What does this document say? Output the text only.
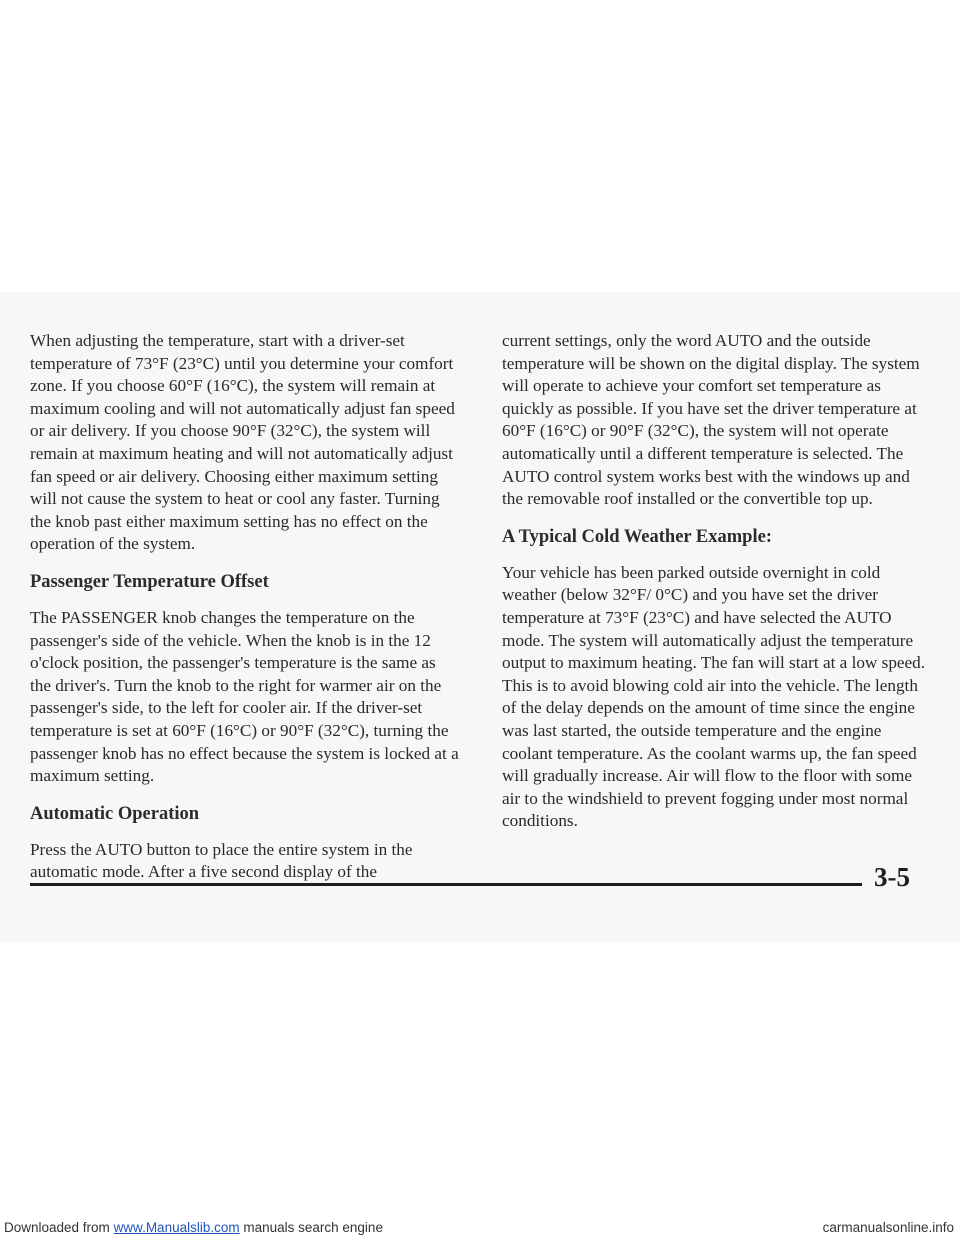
When adjusting the temperature, start with a driver-set temperature of 73°F (23°C) until you determine your comfort zone. If you choose 60°F (16°C), the system will remain at maximum cooling and will not automatically adjust fan speed or air delivery. If you choose 90°F (32°C), the system will remain at maximum heating and will not automatically adjust fan speed or air delivery. Choosing either maximum setting will not cause the system to heat or cool any faster. Turning the knob past either maximum setting has no effect on the operation of the system.

Passenger Temperature Offset

The PASSENGER knob changes the temperature on the passenger's side of the vehicle. When the knob is in the 12 o'clock position, the passenger's temperature is the same as the driver's. Turn the knob to the right for warmer air on the passenger's side, to the left for cooler air. If the driver-set temperature is set at 60°F (16°C) or 90°F (32°C), turning the passenger knob has no effect because the system is locked at a maximum setting.

Automatic Operation

Press the AUTO button to place the entire system in the automatic mode. After a five second display of the

current settings, only the word AUTO and the outside temperature will be shown on the digital display. The system will operate to achieve your comfort set temperature as quickly as possible. If you have set the driver temperature at 60°F (16°C) or 90°F (32°C), the system will not operate automatically until a different temperature is selected. The AUTO control system works best with the windows up and the removable roof installed or the convertible top up.

A Typical Cold Weather Example:

Your vehicle has been parked outside overnight in cold weather (below 32°F/ 0°C) and you have set the driver temperature at 73°F (23°C) and have selected the AUTO mode. The system will automatically adjust the temperature output to maximum heating. The fan will start at a low speed. This is to avoid blowing cold air into the vehicle. The length of the delay depends on the amount of time since the engine was last started, the outside temperature and the engine coolant temperature. As the coolant warms up, the fan speed will gradually increase. Air will flow to the floor with some air to the windshield to prevent fogging under most normal conditions.

3-5
Downloaded from www.Manualslib.com manuals search engine	carmanualsonline.info
